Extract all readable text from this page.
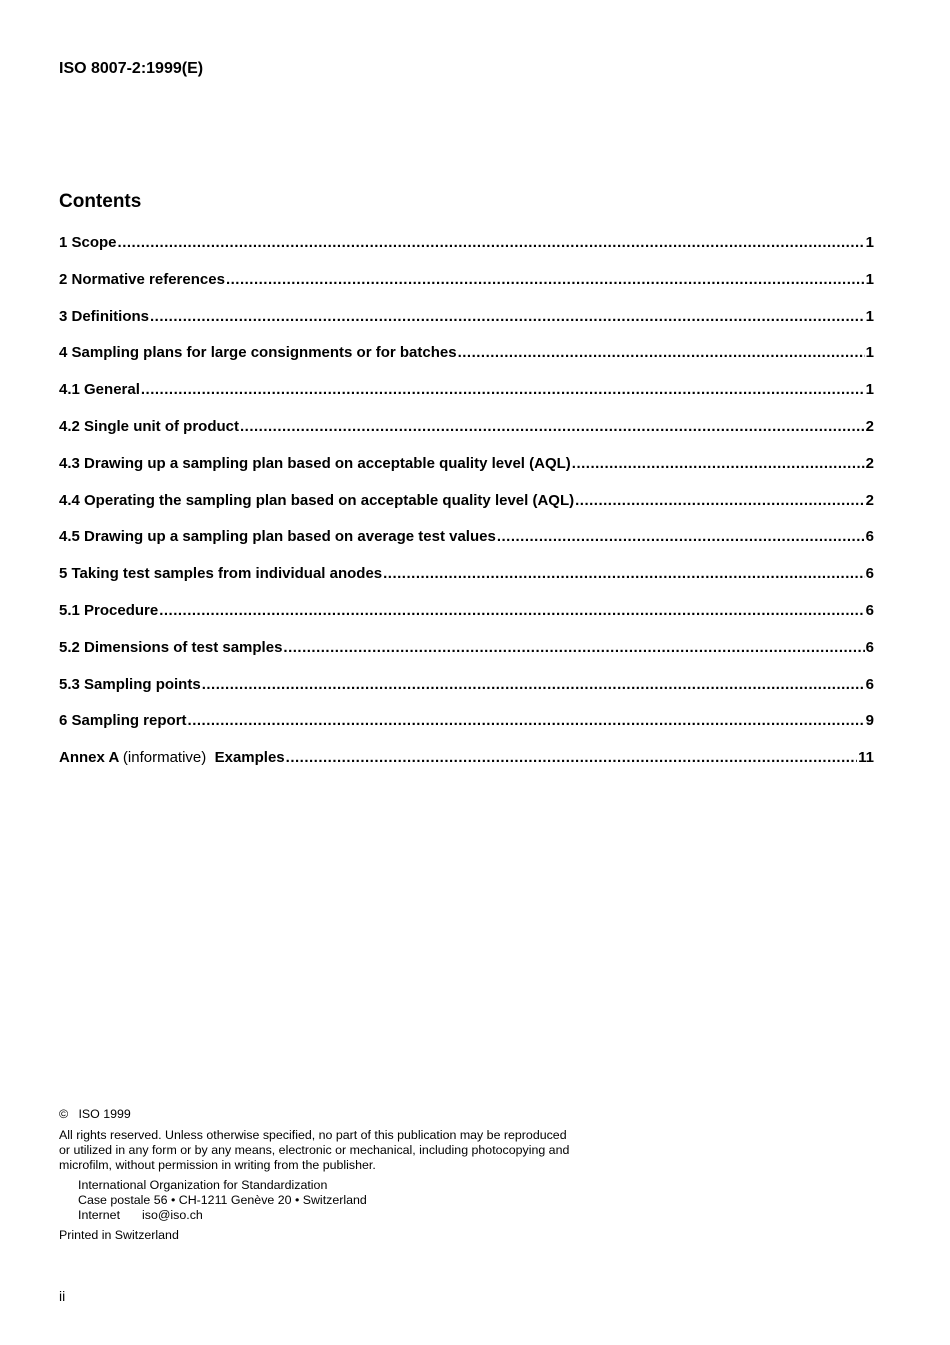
ISO 8007-2:1999(E)
Contents
1 Scope .....	1
2 Normative references .....	1
3 Definitions .....	1
4 Sampling plans for large consignments or for batches .....	1
4.1 General .....	1
4.2 Single unit of product .....	2
4.3 Drawing up a sampling plan based on acceptable quality level (AQL) .....	2
4.4 Operating the sampling plan based on acceptable quality level (AQL) .....	2
4.5 Drawing up a sampling plan based on average test values .....	6
5 Taking test samples from individual anodes .....	6
5.1 Procedure .....	6
5.2 Dimensions of test samples .....	6
5.3 Sampling points .....	6
6 Sampling report .....	9
Annex A (informative) Examples .....	11
© ISO 1999
All rights reserved. Unless otherwise specified, no part of this publication may be reproduced
or utilized in any form or by any means, electronic or mechanical, including photocopying and
microfilm, without permission in writing from the publisher.
International Organization for Standardization
Case postale 56 • CH-1211 Genève 20 • Switzerland
Internet iso@iso.ch
Printed in Switzerland
ii
